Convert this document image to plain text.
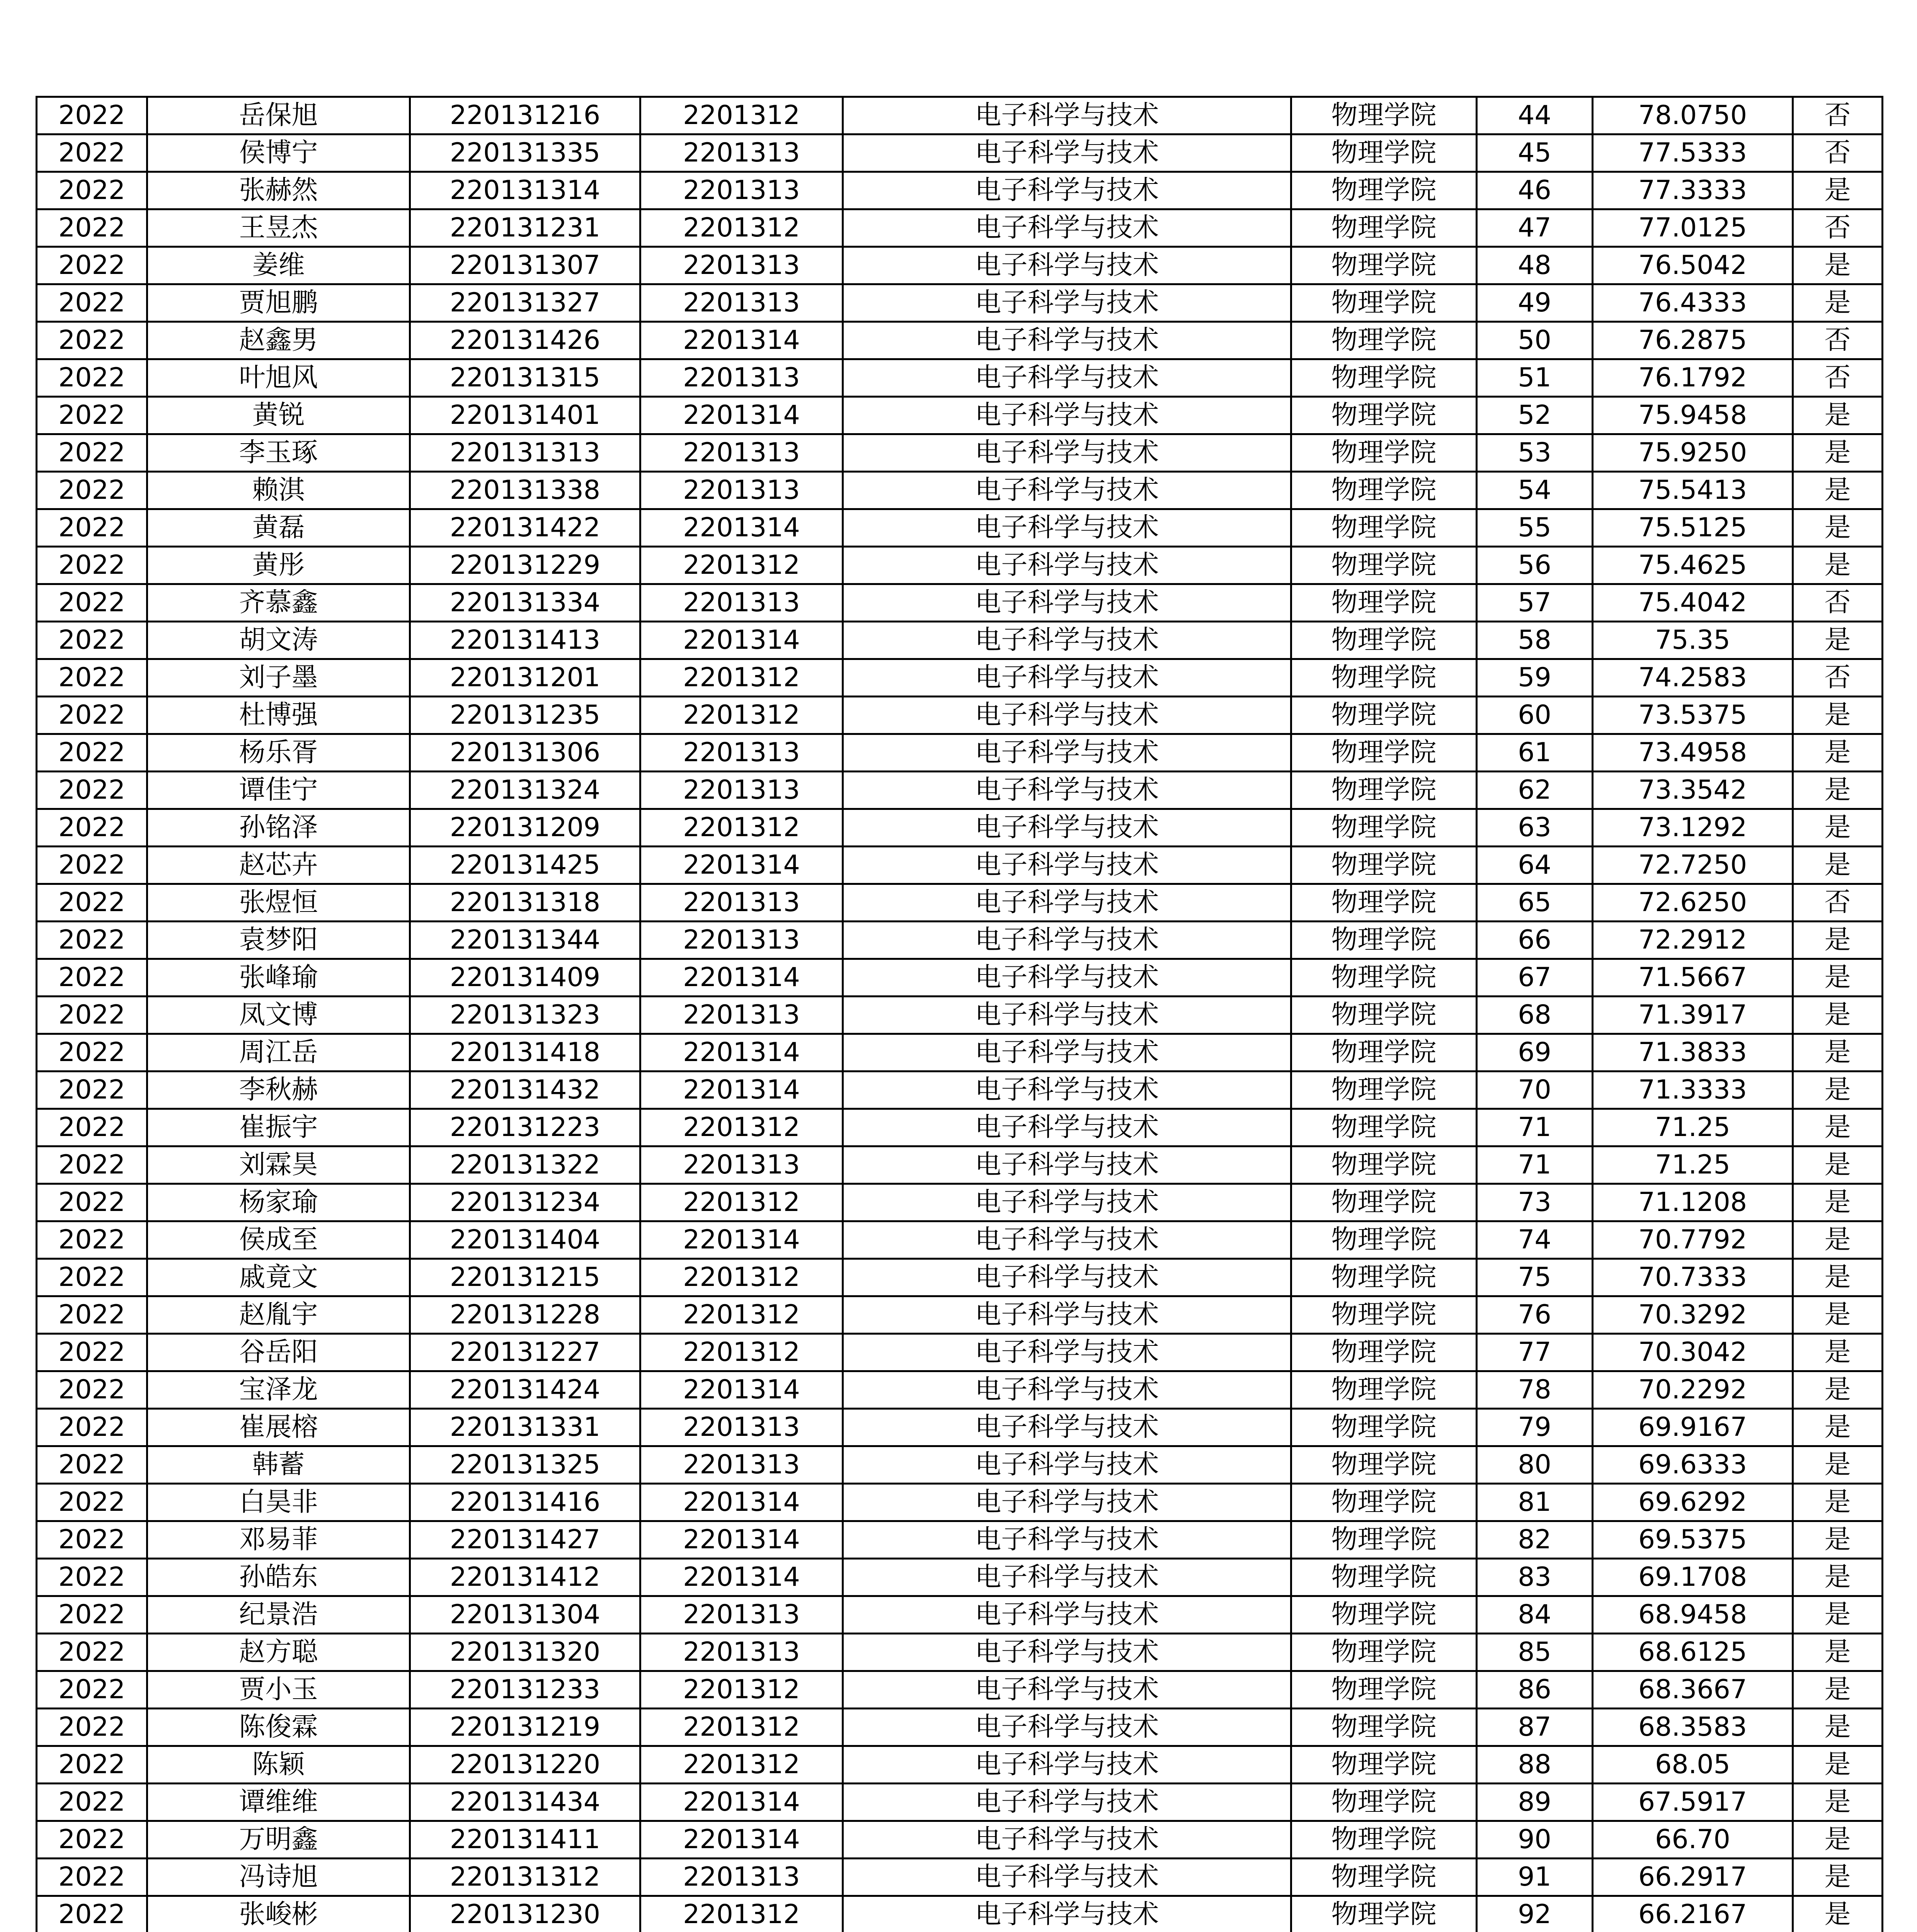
2022	岳保旭	220131216	2201312	电子科学与技术	物理学院	44	78.0750	否
2022	侯博宁	220131335	2201313	电子科学与技术	物理学院	45	77.5333	否
2022	张赫然	220131314	2201313	电子科学与技术	物理学院	46	77.3333	是
2022	王昱杰	220131231	2201312	电子科学与技术	物理学院	47	77.0125	否
2022	姜维	220131307	2201313	电子科学与技术	物理学院	48	76.5042	是
2022	贾旭鹏	220131327	2201313	电子科学与技术	物理学院	49	76.4333	是
2022	赵鑫男	220131426	2201314	电子科学与技术	物理学院	50	76.2875	否
2022	叶旭风	220131315	2201313	电子科学与技术	物理学院	51	76.1792	否
2022	黄锐	220131401	2201314	电子科学与技术	物理学院	52	75.9458	是
2022	李玉琢	220131313	2201313	电子科学与技术	物理学院	53	75.9250	是
2022	赖淇	220131338	2201313	电子科学与技术	物理学院	54	75.5413	是
2022	黄磊	220131422	2201314	电子科学与技术	物理学院	55	75.5125	是
2022	黄彤	220131229	2201312	电子科学与技术	物理学院	56	75.4625	是
2022	齐慕鑫	220131334	2201313	电子科学与技术	物理学院	57	75.4042	否
2022	胡文涛	220131413	2201314	电子科学与技术	物理学院	58	75.35	是
2022	刘子墨	220131201	2201312	电子科学与技术	物理学院	59	74.2583	否
2022	杜博强	220131235	2201312	电子科学与技术	物理学院	60	73.5375	是
2022	杨乐胥	220131306	2201313	电子科学与技术	物理学院	61	73.4958	是
2022	谭佳宁	220131324	2201313	电子科学与技术	物理学院	62	73.3542	是
2022	孙铭泽	220131209	2201312	电子科学与技术	物理学院	63	73.1292	是
2022	赵芯卉	220131425	2201314	电子科学与技术	物理学院	64	72.7250	是
2022	张煜恒	220131318	2201313	电子科学与技术	物理学院	65	72.6250	否
2022	袁梦阳	220131344	2201313	电子科学与技术	物理学院	66	72.2912	是
2022	张峰瑜	220131409	2201314	电子科学与技术	物理学院	67	71.5667	是
2022	凤文博	220131323	2201313	电子科学与技术	物理学院	68	71.3917	是
2022	周江岳	220131418	2201314	电子科学与技术	物理学院	69	71.3833	是
2022	李秋赫	220131432	2201314	电子科学与技术	物理学院	70	71.3333	是
2022	崔振宇	220131223	2201312	电子科学与技术	物理学院	71	71.25	是
2022	刘霖昊	220131322	2201313	电子科学与技术	物理学院	71	71.25	是
2022	杨家瑜	220131234	2201312	电子科学与技术	物理学院	73	71.1208	是
2022	侯成至	220131404	2201314	电子科学与技术	物理学院	74	70.7792	是
2022	戚竟文	220131215	2201312	电子科学与技术	物理学院	75	70.7333	是
2022	赵胤宇	220131228	2201312	电子科学与技术	物理学院	76	70.3292	是
2022	谷岳阳	220131227	2201312	电子科学与技术	物理学院	77	70.3042	是
2022	宝泽龙	220131424	2201314	电子科学与技术	物理学院	78	70.2292	是
2022	崔展榕	220131331	2201313	电子科学与技术	物理学院	79	69.9167	是
2022	韩蓄	220131325	2201313	电子科学与技术	物理学院	80	69.6333	是
2022	白昊非	220131416	2201314	电子科学与技术	物理学院	81	69.6292	是
2022	邓易菲	220131427	2201314	电子科学与技术	物理学院	82	69.5375	是
2022	孙皓东	220131412	2201314	电子科学与技术	物理学院	83	69.1708	是
2022	纪景浩	220131304	2201313	电子科学与技术	物理学院	84	68.9458	是
2022	赵方聪	220131320	2201313	电子科学与技术	物理学院	85	68.6125	是
2022	贾小玉	220131233	2201312	电子科学与技术	物理学院	86	68.3667	是
2022	陈俊霖	220131219	2201312	电子科学与技术	物理学院	87	68.3583	是
2022	陈颖	220131220	2201312	电子科学与技术	物理学院	88	68.05	是
2022	谭维维	220131434	2201314	电子科学与技术	物理学院	89	67.5917	是
2022	万明鑫	220131411	2201314	电子科学与技术	物理学院	90	66.70	是
2022	冯诗旭	220131312	2201313	电子科学与技术	物理学院	91	66.2917	是
2022	张峻彬	220131230	2201312	电子科学与技术	物理学院	92	66.2167	是
